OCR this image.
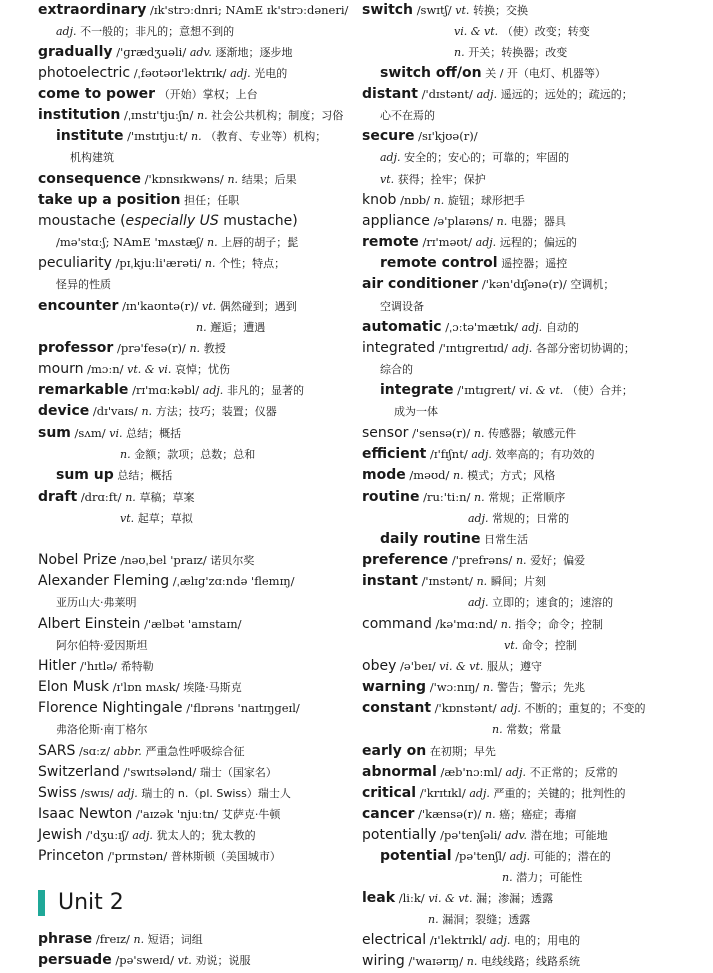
extraordinary /ɪk'strɔːdnri; NAmE ɪk'strɔːdəneri/
adj. 不一般的；非凡的；意想不到的
gradually /'ɡrædʒuəli/ adv. 逐渐地；逐步地
photoelectric /ˌfəʊtəʊɪ'lektrɪk/ adj. 光电的
come to power （开始）掌权；上台
institution /ˌɪnstɪ'tjuːʃn/ n. 社会公共机构；制度；习俗
institute /'ɪnstɪtjuːt/ n. （教育、专业等）机构；
机构建筑
consequence /'kɒnsɪkwəns/ n. 结果；后果
take up a position 担任；任职
moustache (especially US mustache)
/mə'stɑːʃ; NAmE 'mʌstæʃ/ n. 上唇的胡子；髭
peculiarity /pɪˌkjuːli'ærəti/ n. 个性；特点；
怪异的性质
encounter /ɪn'kaʊntə(r)/ vt. 偶然碰到；遇到
n. 邂逅；遭遇
professor /prə'fesə(r)/ n. 教授
mourn /mɔːn/ vt. & vi. 哀悼；忧伤
remarkable /rɪ'mɑːkəbl/ adj. 非凡的；显著的
device /dɪ'vaɪs/ n. 方法；技巧；装置；仪器
sum /sʌm/ vi. 总结；概括
n. 金额；款项；总数；总和
sum up 总结；概括
draft /drɑːft/ n. 草稿；草案
vt. 起草；草拟
Nobel Prize /nəʊˌbel 'praɪz/ 诺贝尔奖
Alexander Fleming /ˌælɪɡ'zɑːndə 'flemɪŋ/
亚历山大·弗莱明
Albert Einstein /'ælbət 'aɪnstaɪn/
阿尔伯特·爱因斯坦
Hitler /'hɪtlə/ 希特勒
Elon Musk /ɪ'lɒn mʌsk/ 埃隆·马斯克
Florence Nightingale /'flɒrəns 'naɪtɪŋɡeɪl/
弗洛伦斯·南丁格尔
SARS /sɑːz/ abbr. 严重急性呼吸综合征
Switzerland /'swɪtsələnd/ 瑞士（国家名）
Swiss /swɪs/ adj. 瑞士的 n.（pl. Swiss）瑞士人
Isaac Newton /'aɪzək 'njuːtn/ 艾萨克·牛顿
Jewish /'dʒuːɪʃ/ adj. 犹太人的；犹太教的
Princeton /'prɪnstən/ 普林斯顿（美国城市）
phrase /freɪz/ n. 短语；词组
persuade /pə'sweɪd/ vt. 劝说；说服
Unit 2
switch /swɪtʃ/ vt. 转换；交换
vi. & vt. （使）改变；转变
n. 开关；转换器；改变
switch off/on 关 / 开（电灯、机器等）
distant /'dɪstənt/ adj. 遥远的；远处的；疏远的；
心不在焉的
secure /sɪ'kjʊə(r)/
adj. 安全的；安心的；可靠的；牢固的
vt. 获得；拴牢；保护
knob /nɒb/ n. 旋钮；球形把手
appliance /ə'plaɪəns/ n. 电器；器具
remote /rɪ'məʊt/ adj. 远程的；偏远的
remote control 遥控器；遥控
air conditioner /'kən'dɪʃənə(r)/ 空调机；
空调设备
automatic /ˌɔːtə'mætɪk/ adj. 自动的
integrated /'ɪntɪɡreɪtɪd/ adj. 各部分密切协调的；
综合的
integrate /'ɪntɪɡreɪt/ vi. & vt. （使）合并；
成为一体
sensor /'sensə(r)/ n. 传感器；敏感元件
efficient /ɪ'fɪʃnt/ adj. 效率高的；有功效的
mode /məʊd/ n. 模式；方式；风格
routine /ruː'tiːn/ n. 常规；正常顺序
adj. 常规的；日常的
daily routine 日常生活
preference /'prefrəns/ n. 爱好；偏爱
instant /'ɪnstənt/ n. 瞬间；片刻
adj. 立即的；速食的；速溶的
command /kə'mɑːnd/ n. 指令；命令；控制
vt. 命令；控制
obey /ə'beɪ/ vi. & vt. 服从；遵守
warning /'wɔːnɪŋ/ n. 警告；警示；先兆
constant /'kɒnstənt/ adj. 不断的；重复的；不变的
n. 常数；常量
early on 在初期；早先
abnormal /æb'nɔːml/ adj. 不正常的；反常的
critical /'krɪtɪkl/ adj. 严重的；关键的；批判性的
cancer /'kænsə(r)/ n. 癌；癌症；毒瘤
potentially /pə'tenʃəli/ adv. 潜在地；可能地
potential /pə'tenʃl/ adj. 可能的；潜在的
n. 潜力；可能性
leak /liːk/ vi. & vt. 漏；渗漏；透露
n. 漏洞；裂缝；透露
electrical /ɪ'lektrɪkl/ adj. 电的；用电的
wiring /'waɪərɪŋ/ n. 电线线路；线路系统
